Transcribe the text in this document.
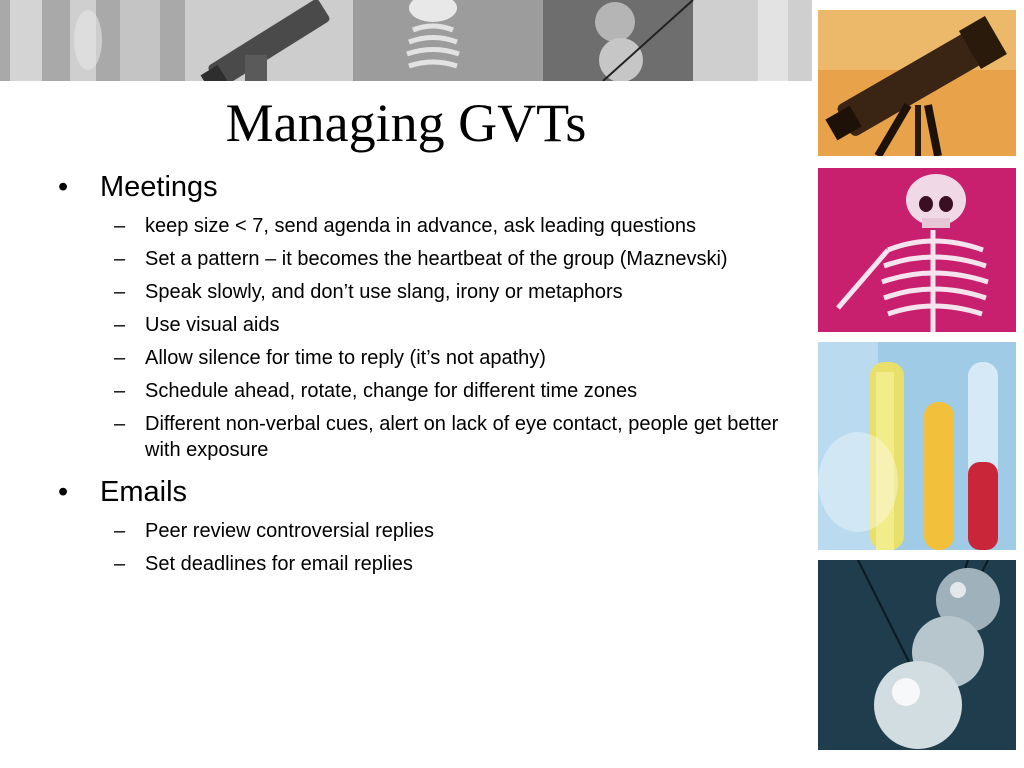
Managing GVTs
•	Meetings
– keep size < 7, send agenda in advance, ask leading questions
– Set a pattern – it becomes the heartbeat of the group (Maznevski)
– Speak slowly, and don’t use slang, irony or metaphors
– Use visual aids
– Allow silence for time to reply (it’s not apathy)
– Schedule ahead, rotate, change for different time zones
– Different non-verbal cues, alert on lack of eye contact, people get better with exposure
•	Emails
– Peer review controversial replies
– Set deadlines for email replies
